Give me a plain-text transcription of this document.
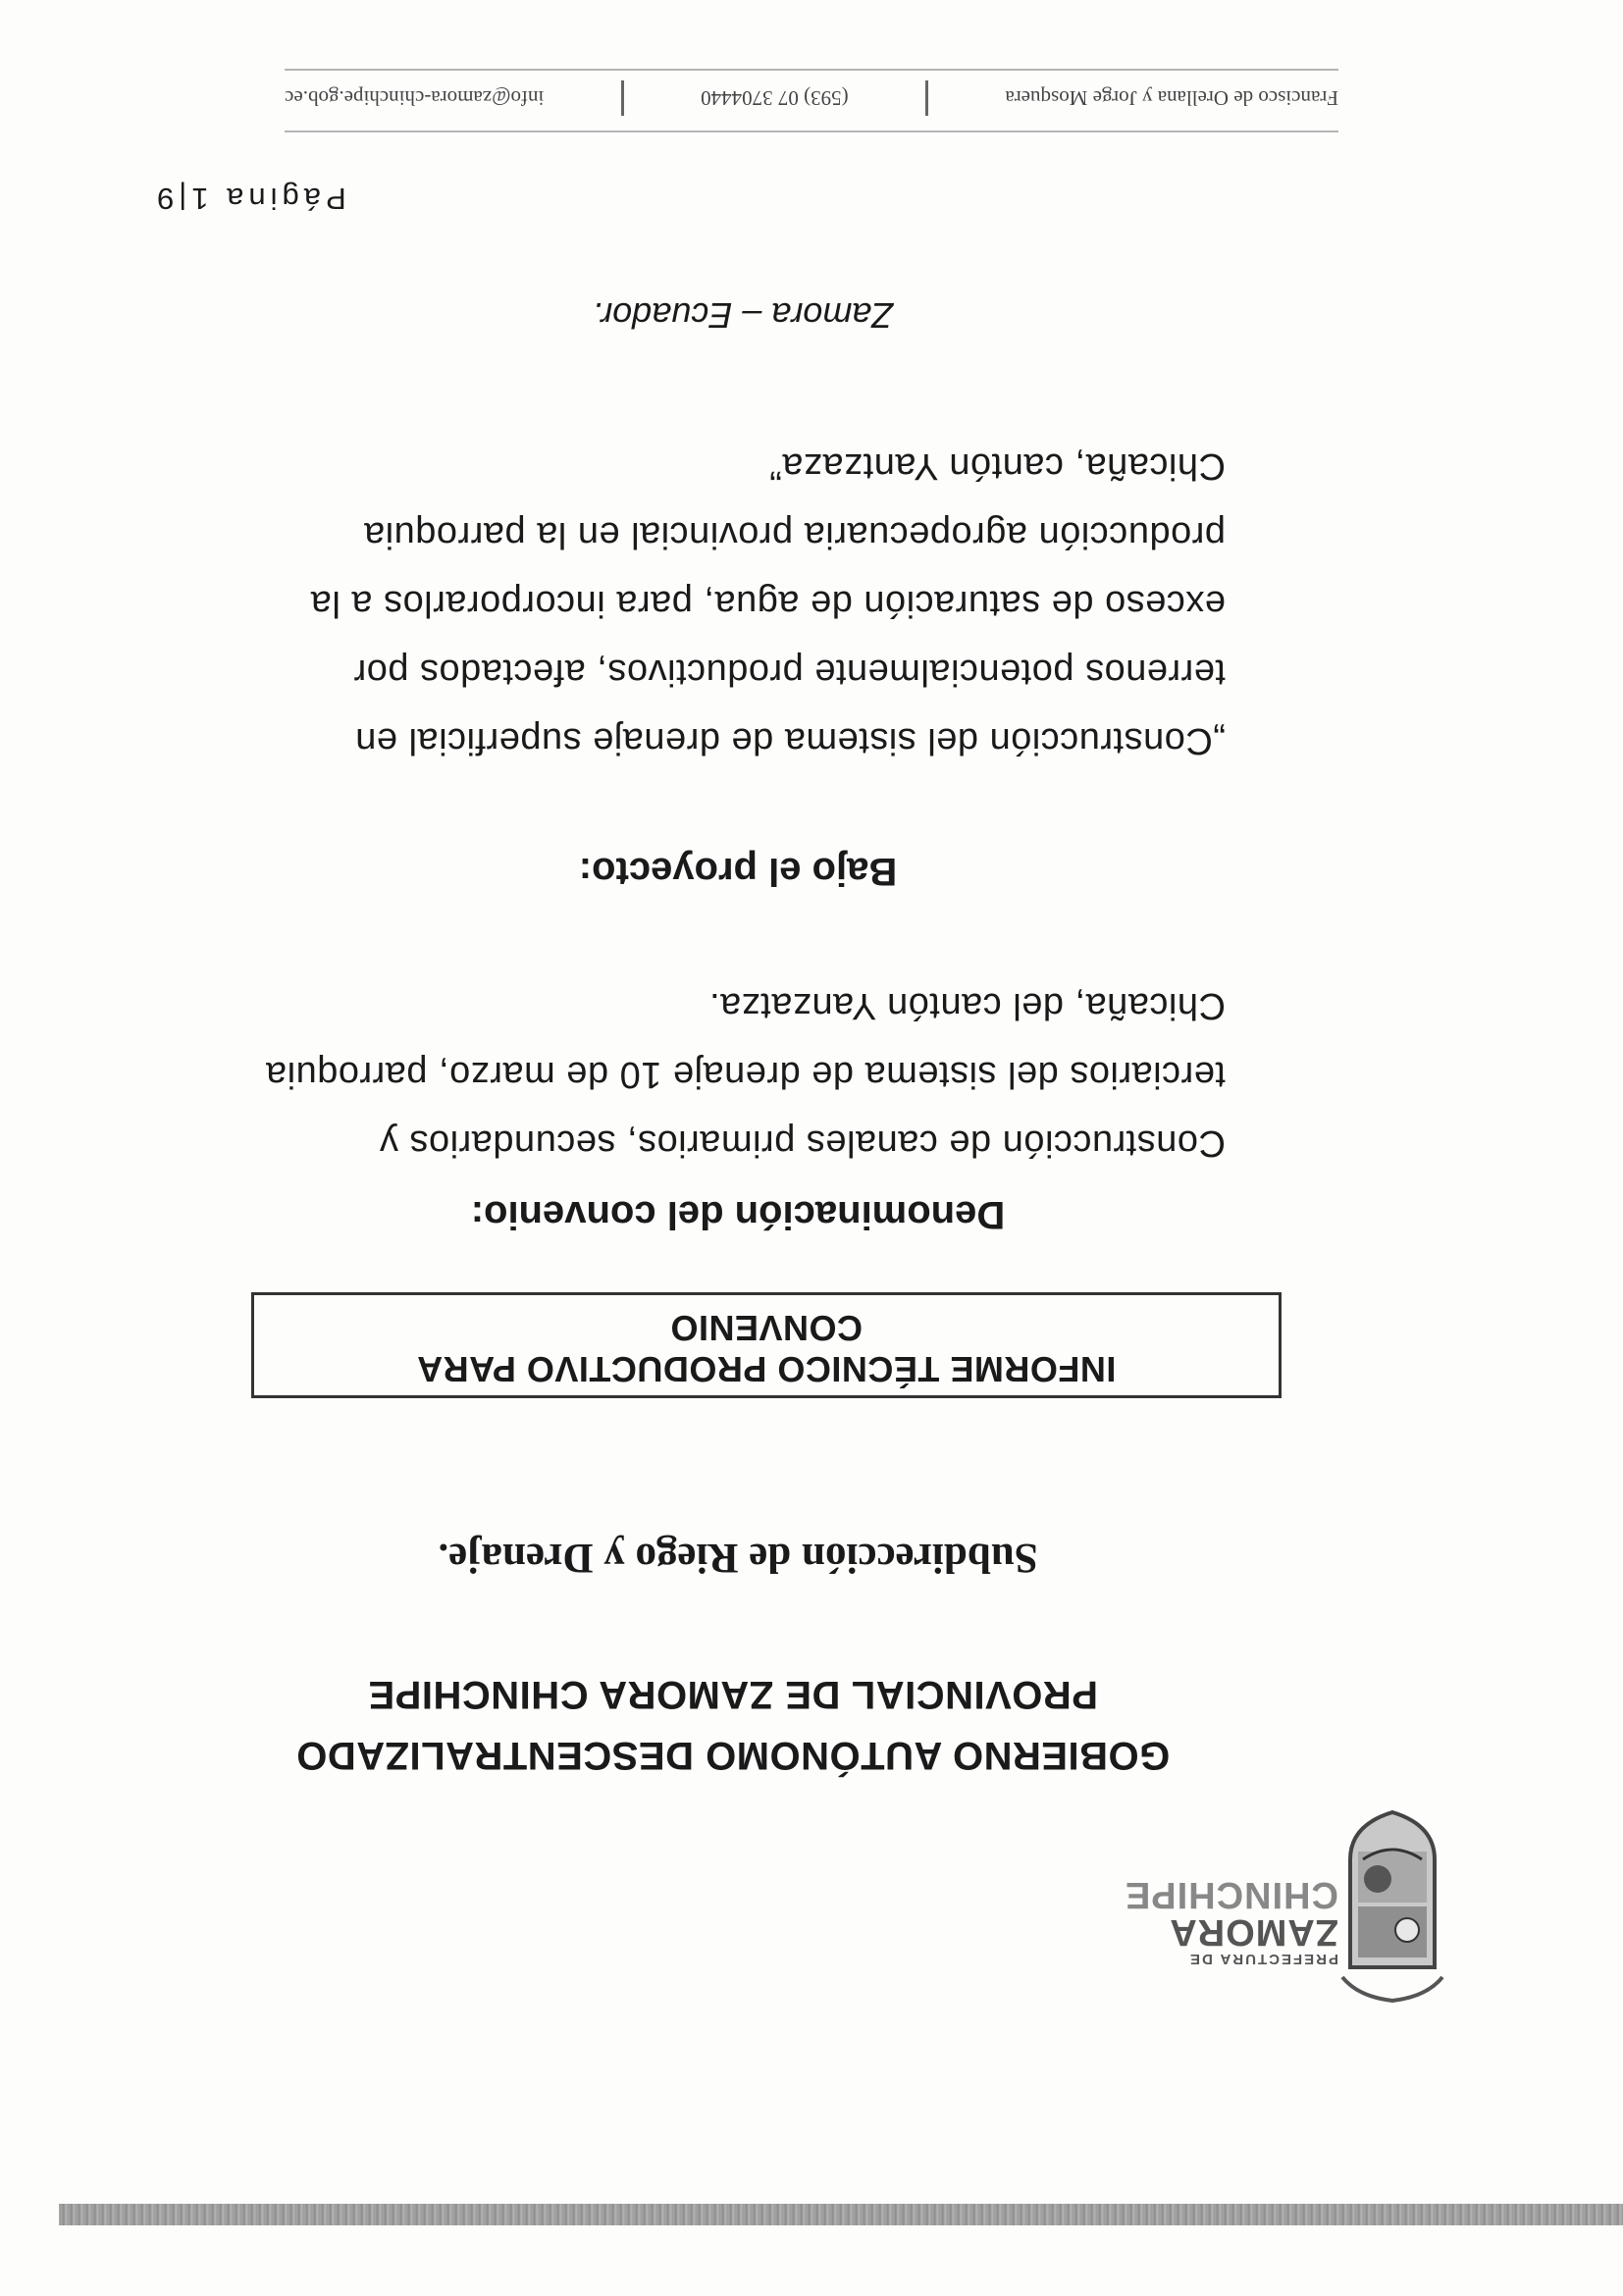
PREFECTURA DE
ZAMORA
CHINCHIPE
GOBIERNO AUTÓNOMO DESCENTRALIZADO
PROVINCIAL DE ZAMORA CHINCHIPE
Subdirección de Riego y Drenaje.
INFORME TÉCNICO PRODUCTIVO PARA
CONVENIO
Denominación del convenio:
Construcción de canales primarios, secundarios y terciarios del sistema de drenaje 10 de marzo, parroquia Chicaña, del cantón Yanzatza.
Bajo el proyecto:
„Construcción del sistema de drenaje superficial en terrenos potencialmente productivos, afectados por exceso de saturación de agua, para incorporarlos a la producción agropecuaria provincial en la parroquia Chicaña, cantón Yantzaza”
Zamora – Ecuador.
Página 1|9
Francisco de Orellana y Jorge Mosquera
(593) 07 3704440
info@zamora-chinchipe.gob.ec
